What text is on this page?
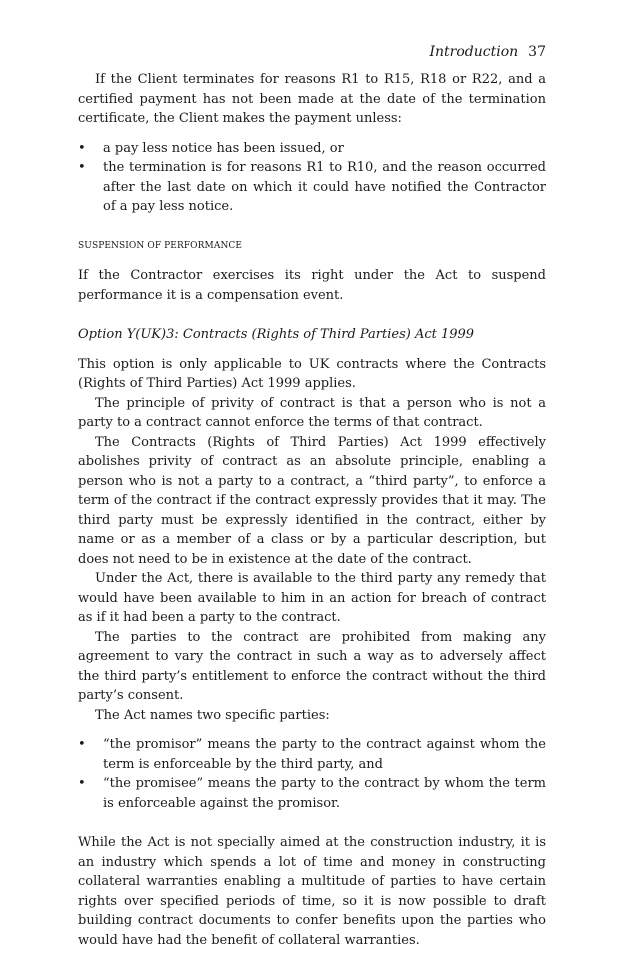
Introduction 37

If the Client terminates for reasons R1 to R15, R18 or R22, and a certified payment has not been made at the date of the termination certificate, the Client makes the payment unless:

• a pay less notice has been issued, or
• the termination is for reasons R1 to R10, and the reason occurred after the last date on which it could have notified the Contractor of a pay less notice.

SUSPENSION OF PERFORMANCE

If the Contractor exercises its right under the Act to suspend performance it is a compensation event.

Option Y(UK)3: Contracts (Rights of Third Parties) Act 1999

This option is only applicable to UK contracts where the Contracts (Rights of Third Parties) Act 1999 applies.

The principle of privity of contract is that a person who is not a party to a contract cannot enforce the terms of that contract.

The Contracts (Rights of Third Parties) Act 1999 effectively abolishes privity of contract as an absolute principle, enabling a person who is not a party to a contract, a “third party”, to enforce a term of the contract if the contract expressly provides that it may. The third party must be expressly identified in the contract, either by name or as a member of a class or by a particular description, but does not need to be in existence at the date of the contract.

Under the Act, there is available to the third party any remedy that would have been available to him in an action for breach of contract as if it had been a party to the contract.

The parties to the contract are prohibited from making any agreement to vary the contract in such a way as to adversely affect the third party’s entitlement to enforce the contract without the third party’s consent.

The Act names two specific parties:

• “the promisor” means the party to the contract against whom the term is enforceable by the third party, and
• “the promisee” means the party to the contract by whom the term is enforceable against the promisor.

While the Act is not specially aimed at the construction industry, it is an industry which spends a lot of time and money in constructing collateral warranties enabling a multitude of parties to have certain rights over specified periods of time, so it is now possible to draft building contract documents to confer benefits upon the parties who would have had the benefit of collateral warranties.
